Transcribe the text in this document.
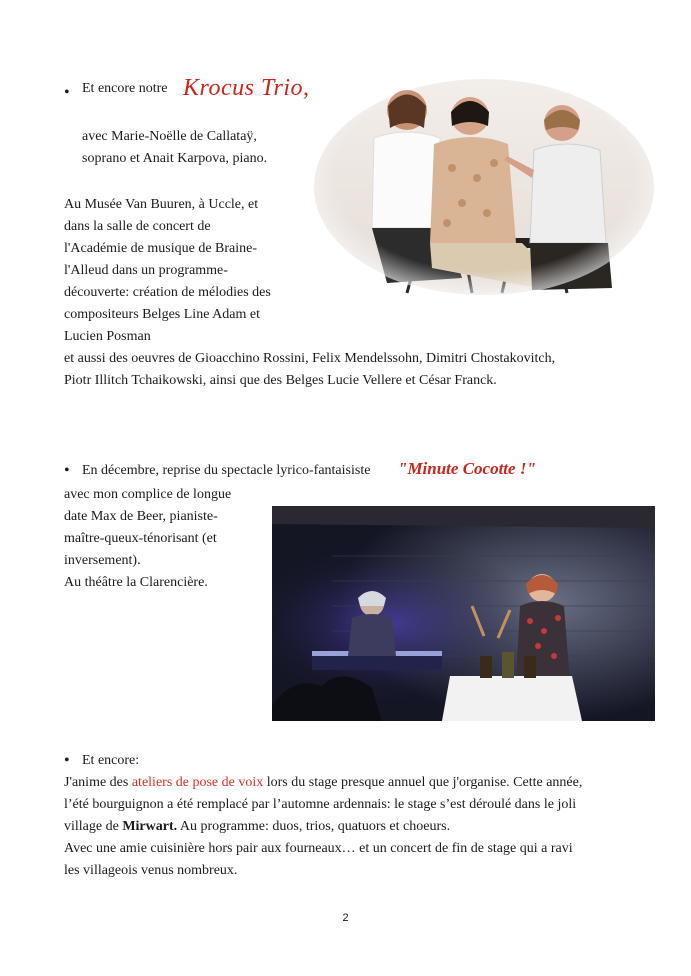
• Et encore notre Krocus Trio,
avec Marie-Noëlle de Callataÿ,
soprano et Anait Karpova, piano.
Au Musée Van Buuren, à Uccle, et
dans la salle de concert de
l'Académie de musique de Braine-
l'Alleud dans un programme-
découverte: création de mélodies des
compositeurs Belges Line Adam et
Lucien Posman
et aussi des oeuvres de Gioacchino Rossini, Felix Mendelssohn, Dimitri Chostakovitch,
Piotr Illitch Tchaikowski, ainsi que des Belges Lucie Vellere et César Franck.
• En décembre, reprise du spectacle lyrico-fantaisiste "Minute Cocotte !"
avec mon complice de longue
date Max de Beer, pianiste-
maître-queux-ténorisant (et
inversement).
Au théâtre la Clarencière.
• Et encore:
J'anime des ateliers de pose de voix lors du stage presque annuel que j'organise. Cette année,
l’été bourguignon a été remplacé par l’automne ardennais: le stage s’est déroulé dans le joli
village de Mirwart. Au programme: duos, trios, quatuors et choeurs.
Avec une amie cuisinière hors pair aux fourneaux… et un concert de fin de stage qui a ravi
les villageois venus nombreux.
2
